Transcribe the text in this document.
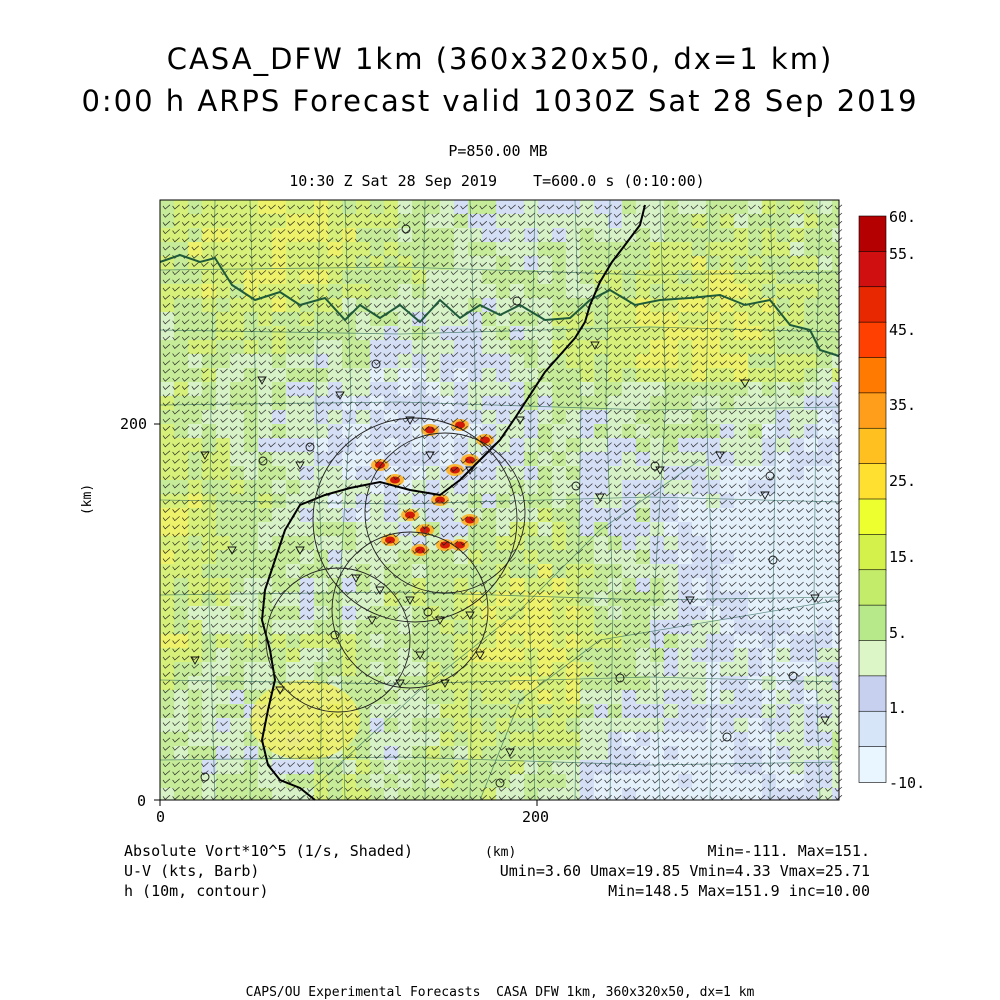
CASA_DFW 1km (360x320x50, dx=1 km)
0:00 h ARPS Forecast valid 1030Z Sat 28 Sep 2019
P=850.00 MB
10:30 Z Sat 28 Sep 2019    T=600.0 s (0:10:00)
200
0
0	200
(km)
(km)
60.
55.
45.
35.
25.
15.
5.
1.
-10.
Absolute Vort*10^5 (1/s, Shaded)
U-V (kts, Barb)
h (10m, contour)
Min=-111. Max=151.
Umin=3.60 Umax=19.85 Vmin=4.33 Vmax=25.71
Min=148.5 Max=151.9 inc=10.00
CAPS/OU Experimental Forecasts  CASA DFW 1km, 360x320x50, dx=1 km
